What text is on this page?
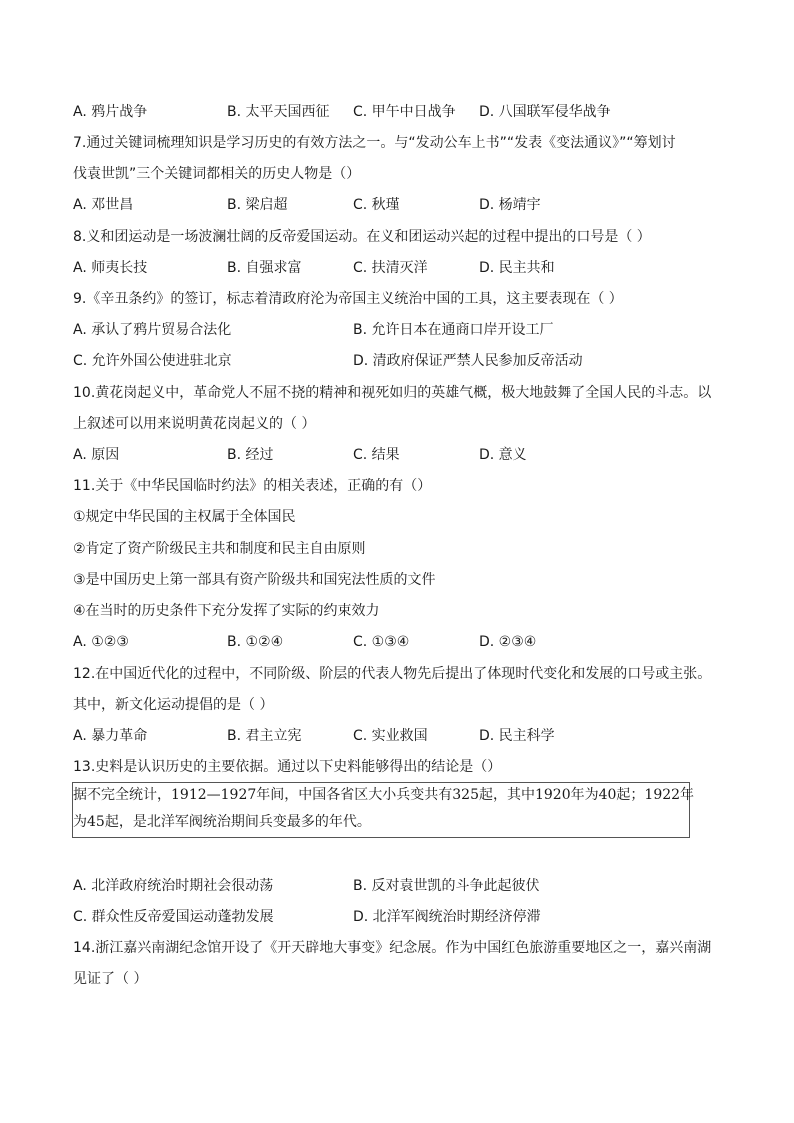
A. 鸦片战争	B. 太平天国西征 C. 甲午中日战争 D. 八国联军侵华战争
7.通过关键词梳理知识是学习历史的有效方法之一。与“发动公车上书”“发表《变法通议》”“筹划讨
伐袁世凯”三个关键词都相关的历史人物是（）
A. 邓世昌	B. 梁启超	C. 秋瑾	D. 杨靖宇
8.义和团运动是一场波澜壮阔的反帝爱国运动。在义和团运动兴起的过程中提出的口号是（ ）
A. 师夷长技	B. 自强求富	C. 扶清灭洋	D. 民主共和
9.《辛丑条约》的签订，标志着清政府沦为帝国主义统治中国的工具，这主要表现在（ ）
A. 承认了鸦片贸易合法化	B. 允许日本在通商口岸开设工厂
C. 允许外国公使进驻北京	D. 清政府保证严禁人民参加反帝活动
10.黄花岗起义中，革命党人不屈不挠的精神和视死如归的英雄气概，极大地鼓舞了全国人民的斗志。以
上叙述可以用来说明黄花岗起义的（ ）
A. 原因	B. 经过	C. 结果	D. 意义
11.关于《中华民国临时约法》的相关表述，正确的有（）
①规定中华民国的主权属于全体国民
②肯定了资产阶级民主共和制度和民主自由原则
③是中国历史上第一部具有资产阶级共和国宪法性质的文件
④在当时的历史条件下充分发挥了实际的约束效力
A. ①②③	B. ①②④	C. ①③④	D. ②③④
12.在中国近代化的过程中，不同阶级、阶层的代表人物先后提出了体现时代变化和发展的口号或主张。
其中，新文化运动提倡的是（ ）
A. 暴力革命	B. 君主立宪	C. 实业救国	D. 民主科学
13.史料是认识历史的主要依据。通过以下史料能够得出的结论是（）
据不完全统计，1912—1927年间，中国各省区大小兵变共有325起，其中1920年为40起；1922年
为45起，是北洋军阀统治期间兵变最多的年代。
A. 北洋政府统治时期社会很动荡	B. 反对袁世凯的斗争此起彼伏
C. 群众性反帝爱国运动蓬勃发展	D. 北洋军阀统治时期经济停滞
14.浙江嘉兴南湖纪念馆开设了《开天辟地大事变》纪念展。作为中国红色旅游重要地区之一，嘉兴南湖
见证了（ ）
